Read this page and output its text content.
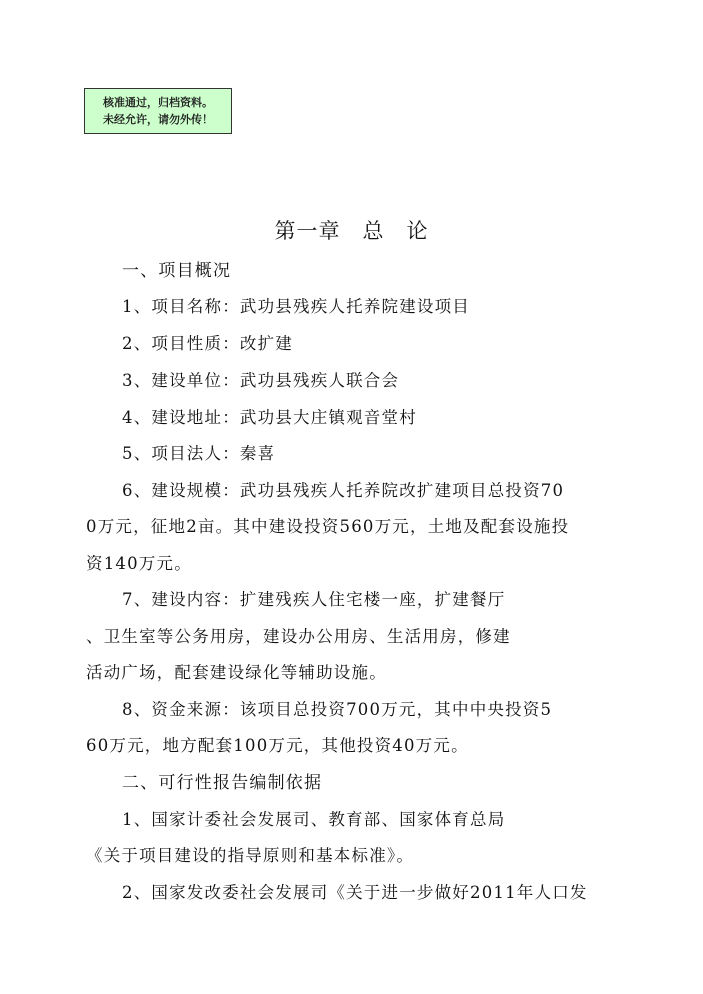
核准通过，归档资料。
未经允许，请勿外传！
第一章　总　论
一、项目概况
1、项目名称：武功县残疾人托养院建设项目
2、项目性质：改扩建
3、建设单位：武功县残疾人联合会
4、建设地址：武功县大庄镇观音堂村
5、项目法人：秦喜
6、建设规模：武功县残疾人托养院改扩建项目总投资70
0万元，征地2亩。其中建设投资560万元，土地及配套设施投
资140万元。
7、建设内容：扩建残疾人住宅楼一座，扩建餐厅
、卫生室等公务用房，建设办公用房、生活用房，修建
活动广场，配套建设绿化等辅助设施。
8、资金来源：该项目总投资700万元，其中中央投资5
60万元，地方配套100万元，其他投资40万元。
二、可行性报告编制依据
1、国家计委社会发展司、教育部、国家体育总局
《关于项目建设的指导原则和基本标准》。
2、国家发改委社会发展司《关于进一步做好2011年人口发
